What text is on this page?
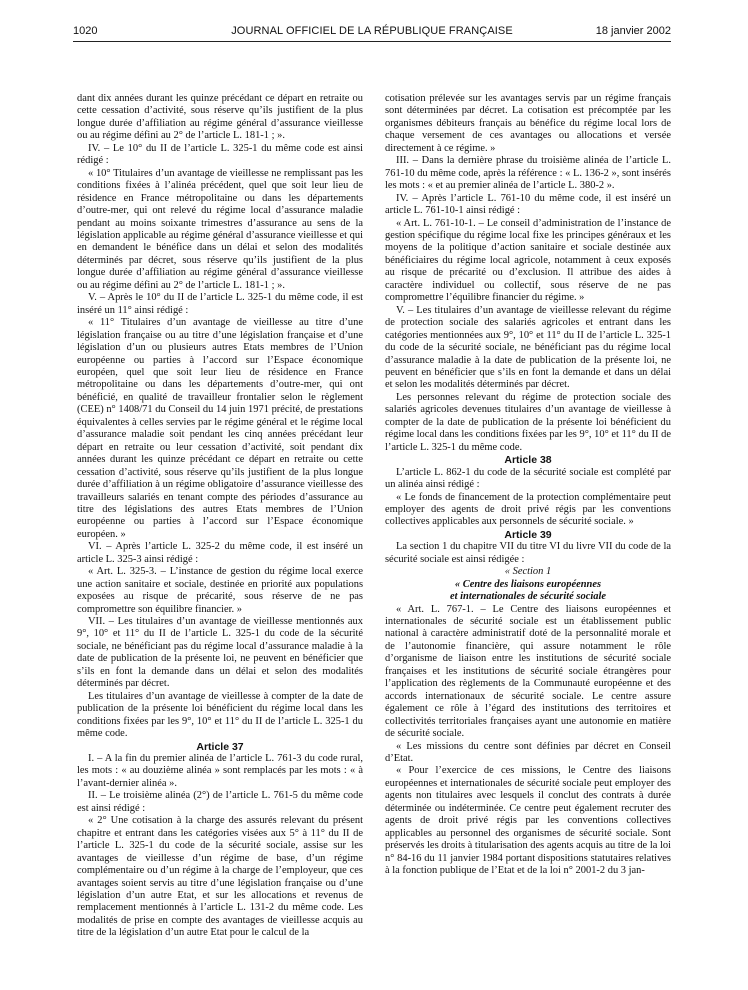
1020	JOURNAL OFFICIEL DE LA RÉPUBLIQUE FRANÇAISE	18 janvier 2002

dant dix années durant les quinze précédant ce départ en retraite ou cette cessation d’activité, sous réserve qu’ils justifient de la plus longue durée d’affiliation au régime général d’assurance vieillesse ou au régime défini au 2° de l’article L. 181-1 ; ».

IV. – Le 10° du II de l’article L. 325-1 du même code est ainsi rédigé :

« 10° Titulaires d’un avantage de vieillesse ne remplissant pas les conditions fixées à l’alinéa précédent, quel que soit leur lieu de résidence en France métropolitaine ou dans les départements d’outre-mer, qui ont relevé du régime local d’assurance maladie pendant au moins soixante trimestres d’assurance au sens de la législation applicable au régime général d’assurance vieillesse et qui en demandent le bénéfice dans un délai et selon des modalités déterminés par décret, sous réserve qu’ils justifient de la plus longue durée d’affiliation au régime général d’assurance vieillesse ou au régime défini au 2° de l’article L. 181-1 ; ».

V. – Après le 10° du II de l’article L. 325-1 du même code, il est inséré un 11° ainsi rédigé :

« 11° Titulaires d’un avantage de vieillesse au titre d’une législation française ou au titre d’une législation française et d’une législation d’un ou plusieurs autres Etats membres de l’Union européenne ou parties à l’accord sur l’Espace économique européen, quel que soit leur lieu de résidence en France métropolitaine ou dans les départements d’outre-mer, qui ont bénéficié, en qualité de travailleur frontalier selon le règlement (CEE) n° 1408/71 du Conseil du 14 juin 1971 précité, de prestations équivalentes à celles servies par le régime général et le régime local d’assurance maladie soit pendant les cinq années précédant leur départ en retraite ou leur cessation d’activité, soit pendant dix années durant les quinze précédant ce départ en retraite ou cette cessation d’activité, sous réserve qu’ils justifient de la plus longue durée d’affiliation à un régime obligatoire d’assurance vieillesse des travailleurs salariés en tenant compte des périodes d’assurance au titre des législations des autres Etats membres de l’Union européenne ou parties à l’accord sur l’Espace économique européen. »

VI. – Après l’article L. 325-2 du même code, il est inséré un article L. 325-3 ainsi rédigé :

« Art. L. 325-3. – L’instance de gestion du régime local exerce une action sanitaire et sociale, destinée en priorité aux populations exposées au risque de précarité, sous réserve de ne pas compromettre son équilibre financier. »

VII. – Les titulaires d’un avantage de vieillesse mentionnés aux 9°, 10° et 11° du II de l’article L. 325-1 du code de la sécurité sociale, ne bénéficiant pas du régime local d’assurance maladie à la date de publication de la présente loi, ne peuvent en bénéficier que s’ils en font la demande dans un délai et selon des modalités déterminés par décret.

Les titulaires d’un avantage de vieillesse à compter de la date de publication de la présente loi bénéficient du régime local dans les conditions fixées par les 9°, 10° et 11° du II de l’article L. 325-1 du même code.

Article 37

I. – A la fin du premier alinéa de l’article L. 761-3 du code rural, les mots : « au douzième alinéa » sont remplacés par les mots : « à l’avant-dernier alinéa ».

II. – Le troisième alinéa (2°) de l’article L. 761-5 du même code est ainsi rédigé :

« 2° Une cotisation à la charge des assurés relevant du présent chapitre et entrant dans les catégories visées aux 5° à 11° du II de l’article L. 325-1 du code de la sécurité sociale, assise sur les avantages de vieillesse d’un régime de base, d’un régime complémentaire ou d’un régime à la charge de l’employeur, que ces avantages soient servis au titre d’une législation française ou d’une législation d’un autre Etat, et sur les allocations et revenus de remplacement mentionnés à l’article L. 131-2 du même code. Les modalités de prise en compte des avantages de vieillesse acquis au titre de la législation d’un autre Etat pour le calcul de la

cotisation prélevée sur les avantages servis par un régime français sont déterminées par décret. La cotisation est précomptée par les organismes débiteurs français au bénéfice du régime local lors de chaque versement de ces avantages ou allocations et versée directement à ce régime. »

III. – Dans la dernière phrase du troisième alinéa de l’article L. 761-10 du même code, après la référence : « L. 136-2 », sont insérés les mots : « et au premier alinéa de l’article L. 380-2 ».

IV. – Après l’article L. 761-10 du même code, il est inséré un article L. 761-10-1 ainsi rédigé :

« Art. L. 761-10-1. – Le conseil d’administration de l’instance de gestion spécifique du régime local fixe les principes généraux et les moyens de la politique d’action sanitaire et sociale destinée aux bénéficiaires du régime local agricole, notamment à ceux exposés au risque de précarité ou d’exclusion. Il attribue des aides à caractère individuel ou collectif, sous réserve de ne pas compromettre l’équilibre financier du régime. »

V. – Les titulaires d’un avantage de vieillesse relevant du régime de protection sociale des salariés agricoles et entrant dans les catégories mentionnées aux 9°, 10° et 11° du II de l’article L. 325-1 du code de la sécurité sociale, ne bénéficiant pas du régime local d’assurance maladie à la date de publication de la présente loi, ne peuvent en bénéficier que s’ils en font la demande et dans un délai et selon les modalités déterminés par décret.

Les personnes relevant du régime de protection sociale des salariés agricoles devenues titulaires d’un avantage de vieillesse à compter de la date de publication de la présente loi bénéficient du régime local dans les conditions fixées par les 9°, 10° et 11° du II de l’article L. 325-1 du même code.

Article 38

L’article L. 862-1 du code de la sécurité sociale est complété par un alinéa ainsi rédigé :

« Le fonds de financement de la protection complémentaire peut employer des agents de droit privé régis par les conventions collectives applicables aux personnels de sécurité sociale. »

Article 39

La section 1 du chapitre VII du titre VI du livre VII du code de la sécurité sociale est ainsi rédigée :

« Section 1

« Centre des liaisons européennes

et internationales de sécurité sociale

« Art. L. 767-1. – Le Centre des liaisons européennes et internationales de sécurité sociale est un établissement public national à caractère administratif doté de la personnalité morale et de l’autonomie financière, qui assure notamment le rôle d’organisme de liaison entre les institutions de sécurité sociale françaises et les institutions de sécurité sociale étrangères pour l’application des règlements de la Communauté européenne et des accords internationaux de sécurité sociale. Le centre assure également ce rôle à l’égard des institutions des territoires et collectivités territoriales françaises ayant une autonomie en matière de sécurité sociale.

« Les missions du centre sont définies par décret en Conseil d’Etat.

« Pour l’exercice de ces missions, le Centre des liaisons européennes et internationales de sécurité sociale peut employer des agents non titulaires avec lesquels il conclut des contrats à durée déterminée ou indéterminée. Ce centre peut également recruter des agents de droit privé régis par les conventions collectives applicables au personnel des organismes de sécurité sociale. Sont préservés les droits à titularisation des agents acquis au titre de la loi n° 84-16 du 11 janvier 1984 portant dispositions statutaires relatives à la fonction publique de l’Etat et de la loi n° 2001-2 du 3 jan-
